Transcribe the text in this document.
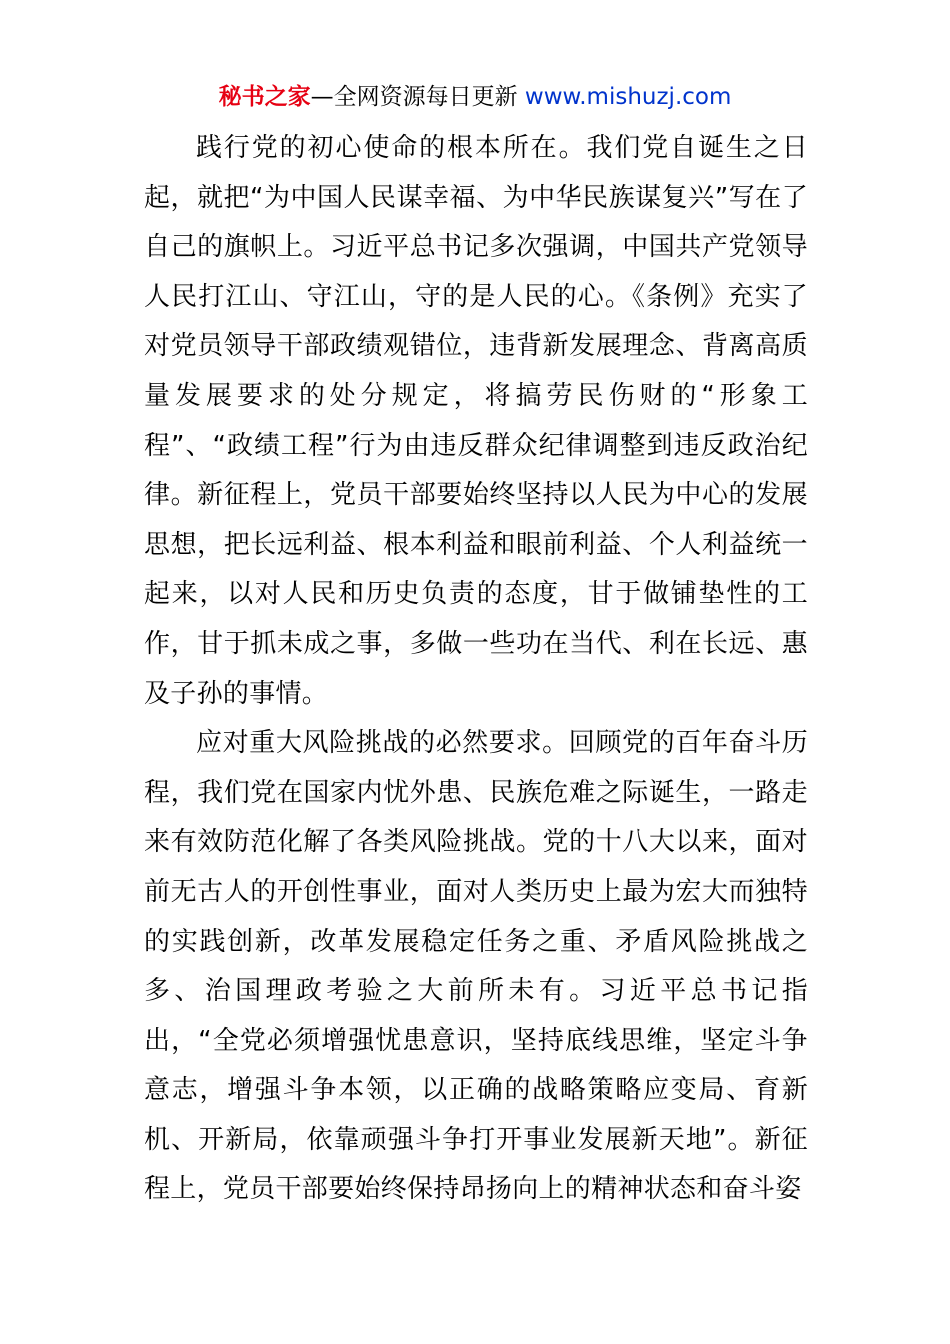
秘书之家—全网资源每日更新 www.mishuzj.com

践行党的初心使命的根本所在。我们党自诞生之日起，就把“为中国人民谋幸福、为中华民族谋复兴”写在了自己的旗帜上。习近平总书记多次强调，中国共产党领导人民打江山、守江山，守的是人民的心。《条例》充实了对党员领导干部政绩观错位，违背新发展理念、背离高质量发展要求的处分规定，将搞劳民伤财的“形象工程”、“政绩工程”行为由违反群众纪律调整到违反政治纪律。新征程上，党员干部要始终坚持以人民为中心的发展思想，把长远利益、根本利益和眼前利益、个人利益统一起来，以对人民和历史负责的态度，甘于做铺垫性的工作，甘于抓未成之事，多做一些功在当代、利在长远、惠及子孙的事情。

应对重大风险挑战的必然要求。回顾党的百年奋斗历程，我们党在国家内忧外患、民族危难之际诞生，一路走来有效防范化解了各类风险挑战。党的十八大以来，面对前无古人的开创性事业，面对人类历史上最为宏大而独特的实践创新，改革发展稳定任务之重、矛盾风险挑战之多、治国理政考验之大前所未有。习近平总书记指出，“全党必须增强忧患意识，坚持底线思维，坚定斗争意志，增强斗争本领，以正确的战略策略应变局、育新机、开新局，依靠顽强斗争打开事业发展新天地”。新征程上，党员干部要始终保持昂扬向上的精神状态和奋斗姿
